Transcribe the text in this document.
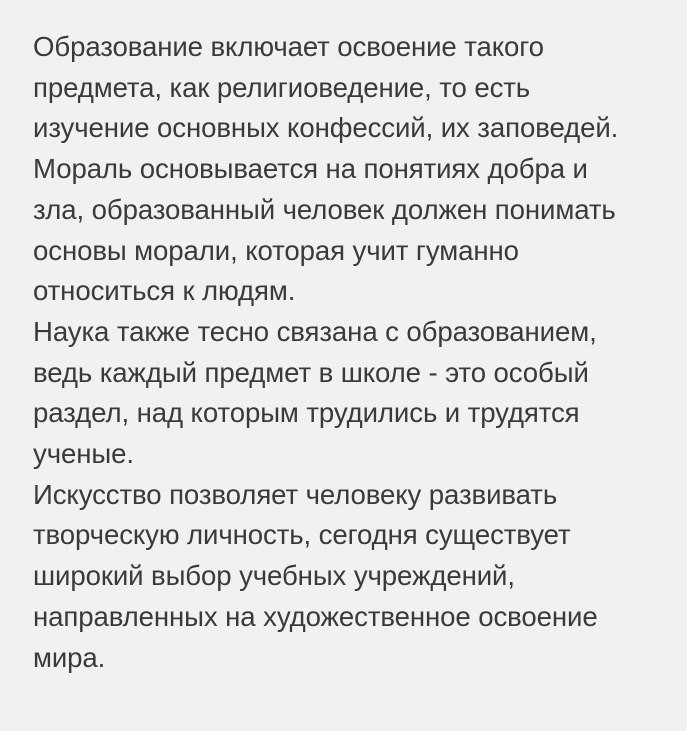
Образование включает освоение такого
предмета, как религиоведение, то есть
изучение основных конфессий, их заповедей.
Мораль основывается на понятиях добра и
зла, образованный человек должен понимать
основы морали, которая учит гуманно
относиться к людям.
Наука также тесно связана с образованием,
ведь каждый предмет в школе - это особый
раздел, над которым трудились и трудятся
ученые.
Искусство позволяет человеку развивать
творческую личность, сегодня существует
широкий выбор учебных учреждений,
направленных на художественное освоение
мира.
